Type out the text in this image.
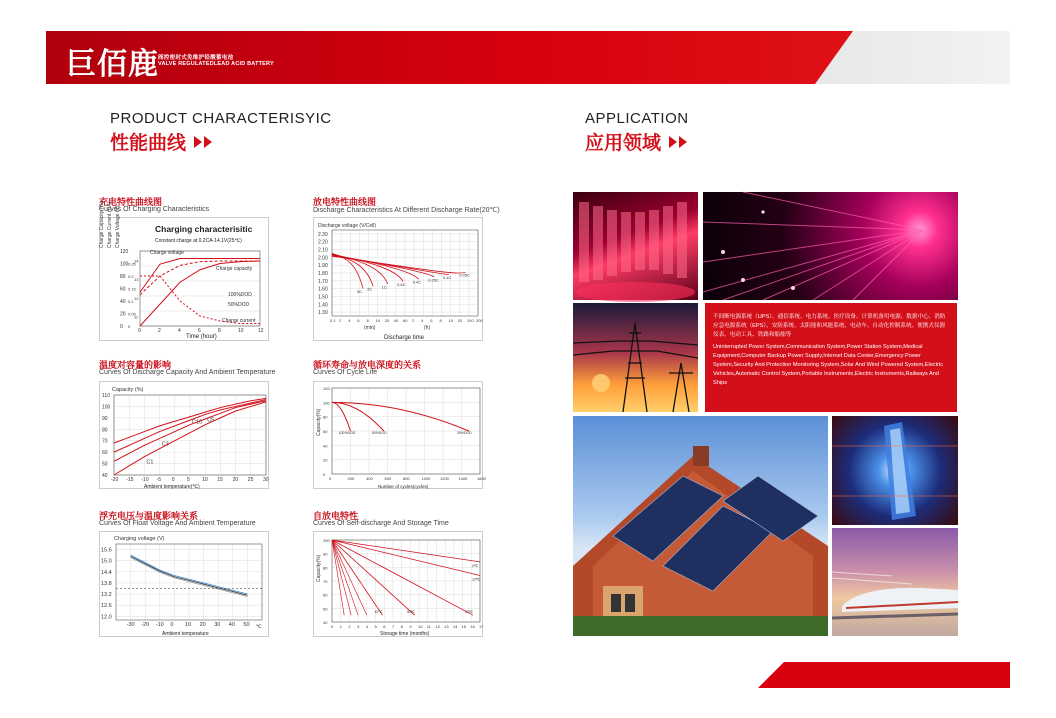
巨佰鹿 阀控密封式免维护铅酸蓄电池
VALVE REGULATEDLEAD ACID BATTERY
PRODUCT CHARACTERISYIC
性能曲线
APPLICATION
应用领域
充电特性曲线图
Curves Of Charging Characteristics
Charge Capacity (%) Charge Current (CA) Charge Voltage (V)	Charging characterisitic
Constant charge at 0.2CA-14.1V(25℃)
0	2	4	6	8	10	12
0
20
40
60
80
100
120
0
0.05
0.1
0.15
0.2
0.25
11
12
13
14
Charge voltage
Charge capacity
100%DOD
50%DOD
Charge current
Time (hour)
放电特性曲线图
Discharge Characteristics At Different Discharge Rate(20℃)
Discharge voltage (V/Cell)
3C 2C 1C	0.6C 0.4C 0.25C 0.1C 0.05C
1.30
1.40
1.50
1.60
1.70
1.80
1.90
2.00
2.10
2.20
2.30
0.1 2 4 6 8 10 20 40 60 2 4 6 8 10 20 100 200
(min)	(h)
Discharge time
温度对容量的影响
Curves Of Discharge Capacity And Ambient Temperature
Capacity (%)
C10 C5
C3
C1
-20 -15 -10 -5 0 5 10 15 20 25 30
40
50
60
70
80
90
100
110
Ambient temperature(℃)
循环寿命与放电深度的关系
Curves Of Cycle Life
Capacity(%)	100%DOD	50%DOD	30%DOD
0	200	400	600	800	1000 1200 1400 1600
0
20
40
60
80
100
120
Number of cycles(cycles)
浮充电压与温度影响关系
Curves Of Float Voltage And Ambient Temperature
Charging voltage (V)
-30 -20 -10 0 10 20 30 40 50
12.0
12.6
13.2
13.8
14.4
15.0
15.6
℃
Ambient temperature
自放电特性
Curves Of Self-discharge And Storage Time
Capacity(%)	0℃
10℃
20℃
30℃
40℃
0 1 2 3 4 5 6 7 8 9 10 11 12 13 14 15 16 17
40
50
60
70
80
90
100
Storage time (months)

不间断电源系统（UPS）、通信系统、电力系统、医疗设备、计算机备用电源、数据中心、消防应急电源系统（EPS）、安防系统、太阳能和风能系统、电动车、自动化控制系统、便携式仪器仪表、电动工具、铁路和船舶等

Uninterrupted Power System,Communication System,Power Station System,Medical Equipment,Computer Backup Power Supply,Internet Data Center,Emergency Power System,Security And Protection Monitoring System,Solar And Wind Powered System,Electric Vehicles,Automatic Control System,Portable Instruments,Electric Instruments,Railways And Ships
